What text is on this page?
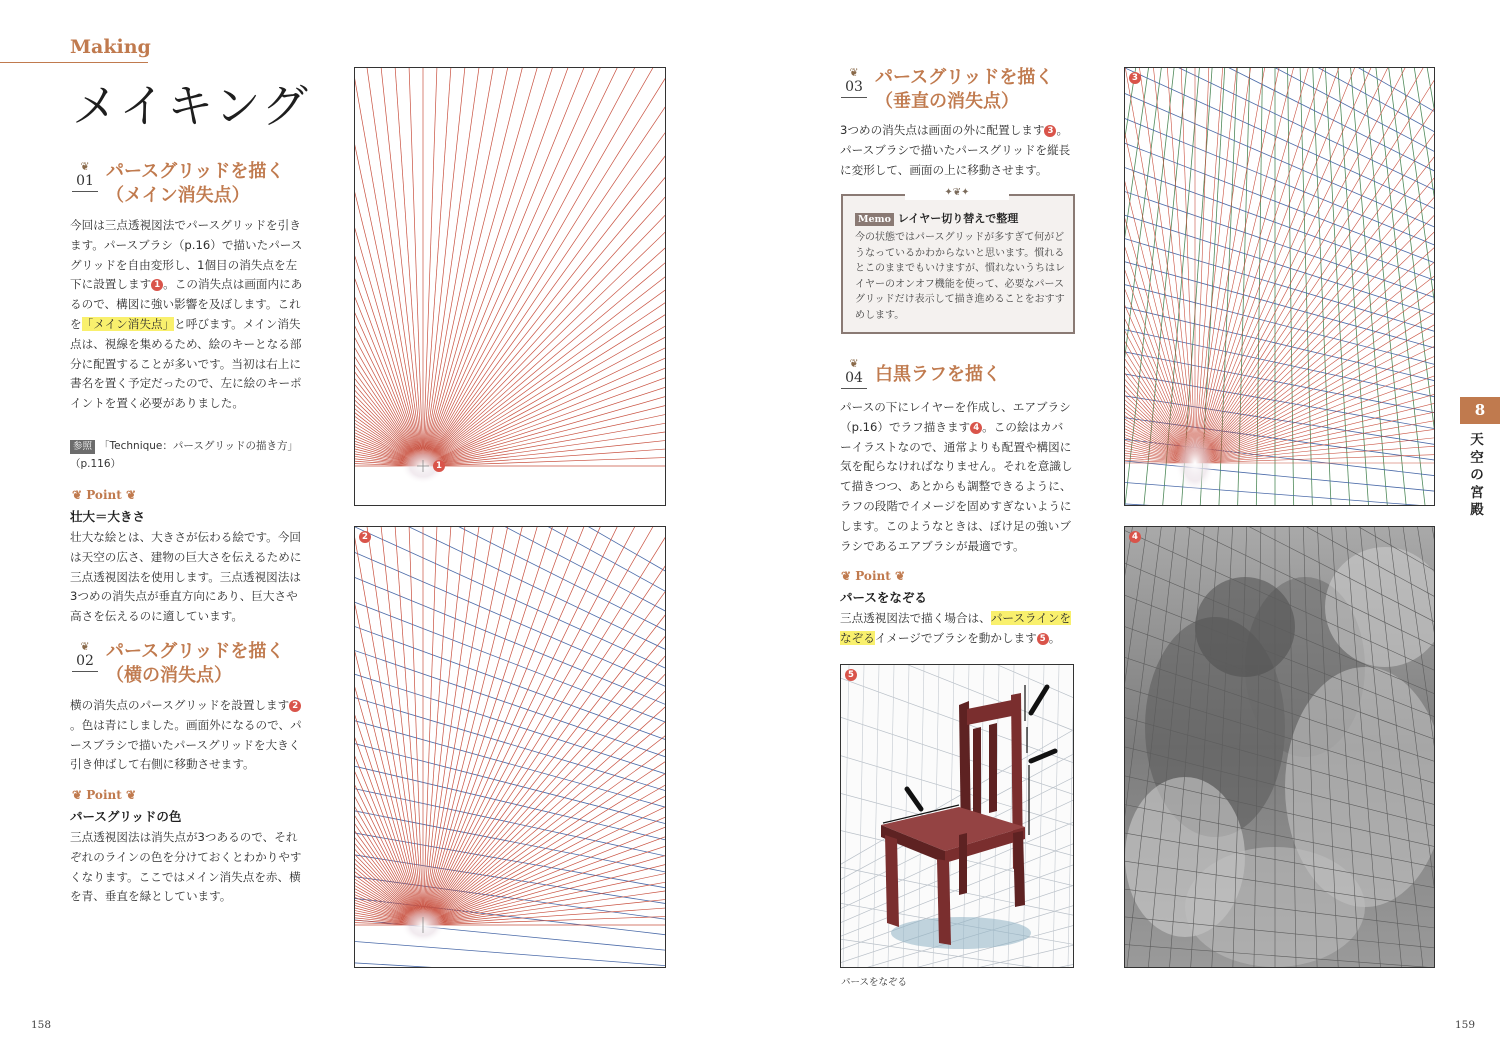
Making
メイキング
❦
01 パースグリッドを描く
（メイン消失点）
今回は三点透視図法でパースグリッドを引きます。パースブラシ（p.16）で描いたパースグリッドを自由変形し、1個目の消失点を左下に設置します 1 。この消失点は画面内にあるので、構図に強い影響を及ぼします。これを「メイン消失点」と呼びます。メイン消失点は、視線を集めるため、絵のキーとなる部分に配置することが多いです。当初は右上に書名を置く予定だったので、左に絵のキーポイントを置く必要がありました。
参照 「Technique：パースグリッドの描き方」（p.116）
❦ Point ❦
壮大＝大きさ
壮大な絵とは、大きさが伝わる絵です。今回は天空の広さ、建物の巨大さを伝えるために三点透視図法を使用します。三点透視図法は3つめの消失点が垂直方向にあり、巨大さや高さを伝えるのに適しています。
❦
02 パースグリッドを描く
（横の消失点）
横の消失点のパースグリッドを設置します 2。色は青にしました。画面外になるので、パースブラシで描いたパースグリッドを大きく引き伸ばして右側に移動させます。
❦ Point ❦
パースグリッドの色
三点透視図法は消失点が3つあるので、それぞれのラインの色を分けておくとわかりやすくなります。ここではメイン消失点を赤、横を青、垂直を緑としています。
1
2
❦
03 パースグリッドを描く
（垂直の消失点）
3つめの消失点は画面の外に配置します 3 。パースブラシで描いたパースグリッドを縦長に変形して、画面の上に移動させます。
Memo レイヤー切り替えで整理
今の状態ではパースグリッドが多すぎて何がどうなっているかわからないと思います。慣れるとこのままでもいけますが、慣れないうちはレイヤーのオンオフ機能を使って、必要なパースグリッドだけ表示して描き進めることをおすすめします。
✦❦✦
❦
04 白黒ラフを描く
パースの下にレイヤーを作成し、エアブラシ（p.16）でラフ描きます 4 。この絵はカバーイラストなので、通常よりも配置や構図に気を配らなければなりません。それを意識して描きつつ、あとからも調整できるように、ラフの段階でイメージを固めすぎないようにします。このようなときは、ぼけ足の強いブラシであるエアブラシが最適です。
❦ Point ❦
パースをなぞる
三点透視図法で描く場合は、パースラインをなぞるイメージでブラシを動かします 5 。
5
パースをなぞる
3
4
8
天空の宮殿
158	159
